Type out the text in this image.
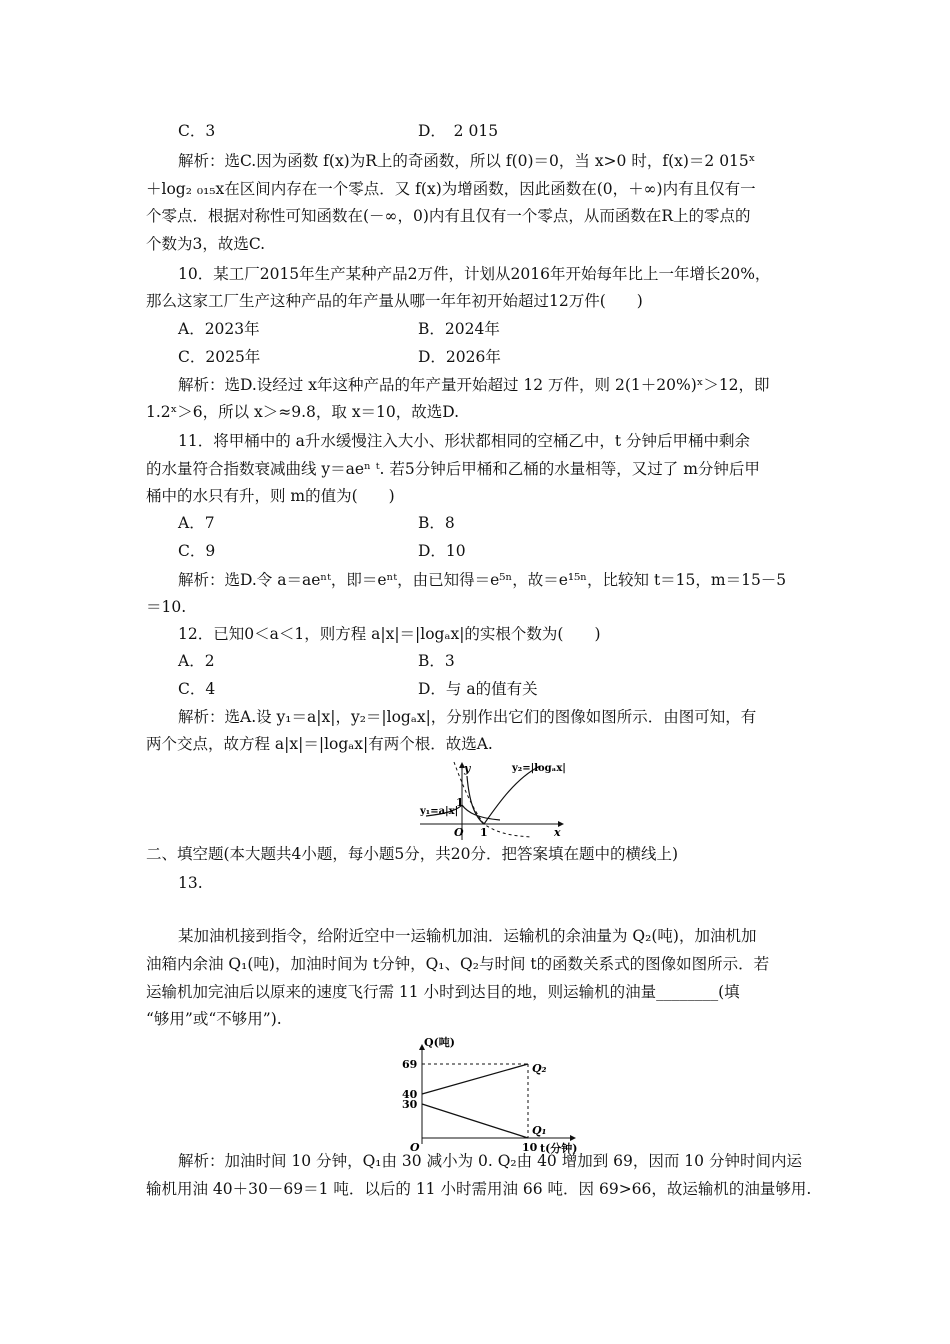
C．3	D．　2 015
解析：选C.因为函数 f(x)为R上的奇函数，所以 f(0)＝0，当 x>0 时，f(x)＝2 015ˣ
＋log₂ ₀₁₅x在区间内存在一个零点．又 f(x)为增函数，因此函数在(0，＋∞)内有且仅有一
个零点．根据对称性可知函数在(－∞，0)内有且仅有一个零点，从而函数在R上的零点的
个数为3，故选C.
10．某工厂2015年生产某种产品2万件，计划从2016年开始每年比上一年增长20%，
那么这家工厂生产这种产品的年产量从哪一年年初开始超过12万件(　　)
A．2023年	B．2024年
C．2025年	D．2026年
解析：选D.设经过 x年这种产品的年产量开始超过 12 万件，则 2(1＋20%)ˣ＞12，即
1.2ˣ＞6，所以 x＞≈9.8，取 x＝10，故选D.
11．将甲桶中的 a升水缓慢注入大小、形状都相同的空桶乙中，t 分钟后甲桶中剩余
的水量符合指数衰减曲线 y＝aeⁿ ᵗ. 若5分钟后甲桶和乙桶的水量相等，又过了 m分钟后甲
桶中的水只有升，则 m的值为(　　)
A．7	B．8
C．9	D．10
解析：选D.令 a＝aeⁿᵗ，即＝eⁿᵗ，由已知得＝e⁵ⁿ，故＝e¹⁵ⁿ，比较知 t＝15，m＝15－5
＝10.
12．已知0＜a＜1，则方程 a|x|＝|logₐx|的实根个数为(　　)
A．2	B．3
C．4	D．与 a的值有关
解析：选A.设 y₁＝a|x|，y₂＝|logₐx|，分别作出它们的图像如图所示．由图可知，有
两个交点，故方程 a|x|＝|logₐx|有两个根．故选A.
y
x
O
1
1
y₁=a|x|
y₂=|logₐx|
二、填空题(本大题共4小题，每小题5分，共20分．把答案填在题中的横线上)
13.
某加油机接到指令，给附近空中一运输机加油．运输机的余油量为 Q₂(吨)，加油机加
油箱内余油 Q₁(吨)，加油时间为 t分钟，Q₁、Q₂与时间 t的函数关系式的图像如图所示．若
运输机加完油后以原来的速度飞行需 11 小时到达目的地，则运输机的油量________(填
“够用”或“不够用”).
Q(吨)
t(分钟)
O
69
40
30
10
Q₂
Q₁
解析：加油时间 10 分钟，Q₁由 30 减小为 0. Q₂由 40 增加到 69，因而 10 分钟时间内运
输机用油 40＋30－69＝1 吨．以后的 11 小时需用油 66 吨．因 69>66，故运输机的油量够用.
